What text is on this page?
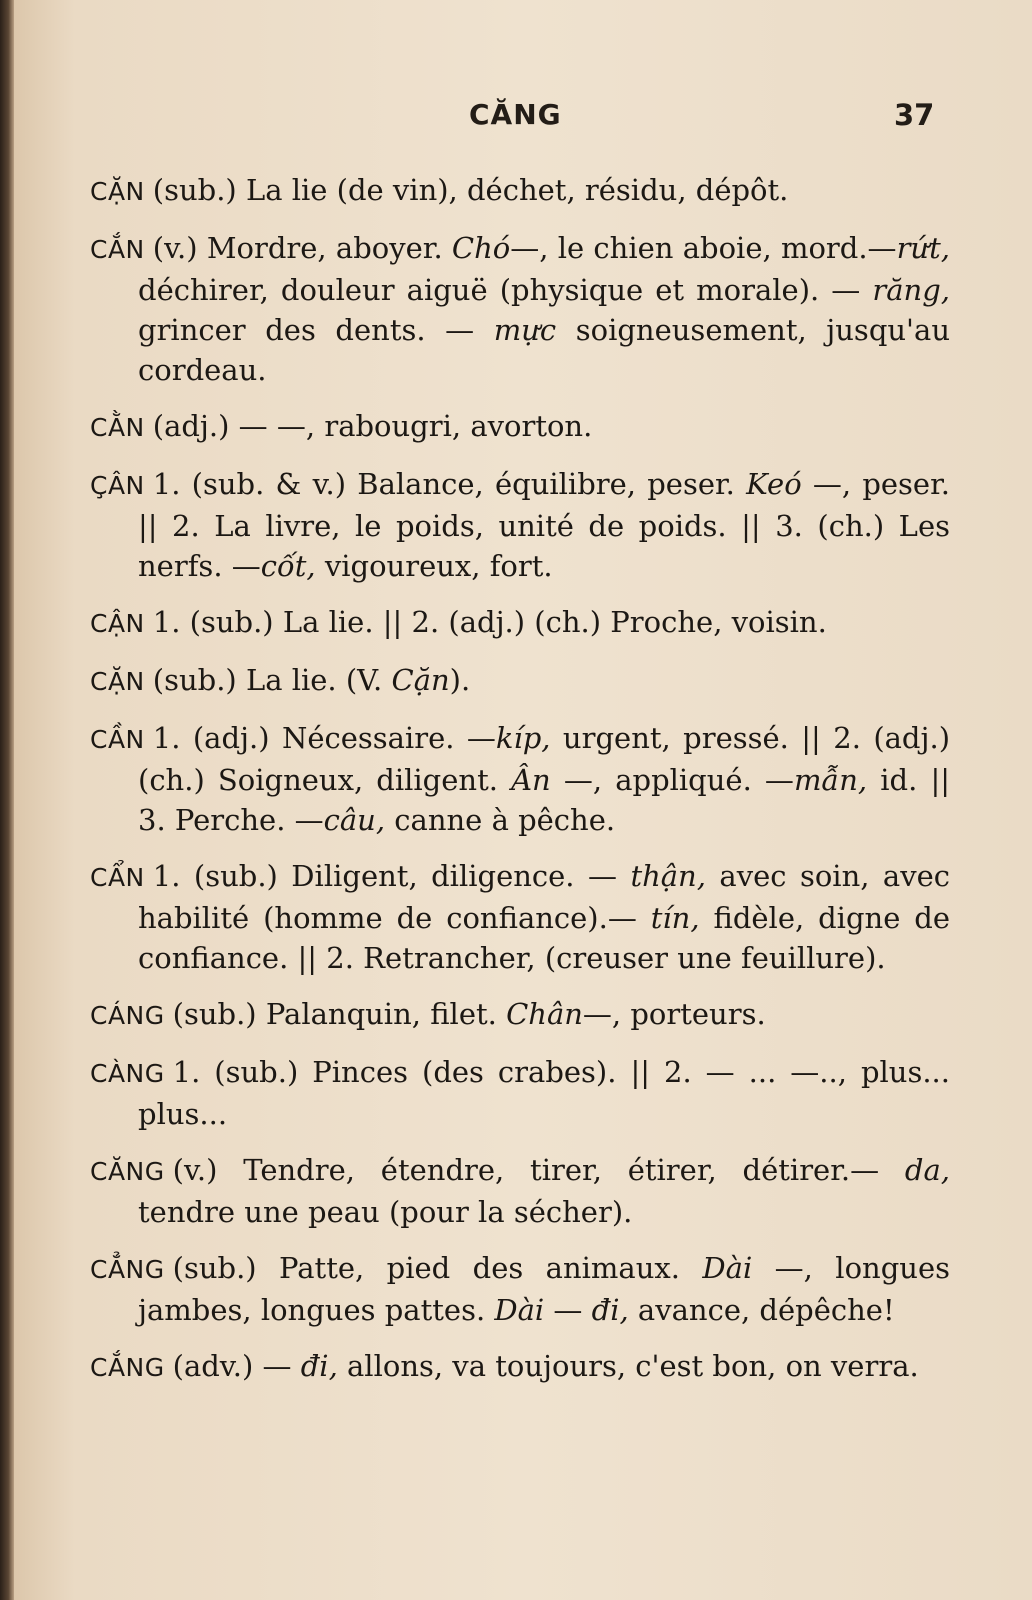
CĂNG	37

CẶN (sub.) La lie (de vin), déchet, résidu, dépôt.

CẮN (v.) Mordre, aboyer. Chó—, le chien aboie, mord.—rứt, déchirer, douleur aiguë (physique et morale). — răng, grincer des dents. — mực soigneusement, jusqu'au cordeau.

CẰN (adj.) — —, rabougri, avorton.

ÇÂN 1. (sub. & v.) Balance, équilibre, peser. Keó —, peser. || 2. La livre, le poids, unité de poids. || 3. (ch.) Les nerfs. —cốt, vigoureux, fort.

CẬN 1. (sub.) La lie. || 2. (adj.) (ch.) Proche, voisin.

CẶN (sub.) La lie. (V. Cặn).

CẦN 1. (adj.) Nécessaire. —kíp, urgent, pressé. || 2. (adj.) (ch.) Soigneux, diligent. Ân —, appliqué. —mẫn, id. || 3. Perche. —câu, canne à pêche.

CẨN 1. (sub.) Diligent, diligence. — thận, avec soin, avec habilité (homme de confiance).— tín, fidèle, digne de confiance. || 2. Retrancher, (creuser une feuillure).

CÁNG (sub.) Palanquin, filet. Chân—, porteurs.

CÀNG 1. (sub.) Pinces (des crabes). || 2. — ... —.., plus... plus...

CĂNG (v.) Tendre, étendre, tirer, étirer, détirer.— da, tendre une peau (pour la sécher).

CẲNG (sub.) Patte, pied des animaux. Dài —, longues jambes, longues pattes. Dài — đi, avance, dépêche!

CẮNG (adv.) — đi, allons, va toujours, c'est bon, on verra.
